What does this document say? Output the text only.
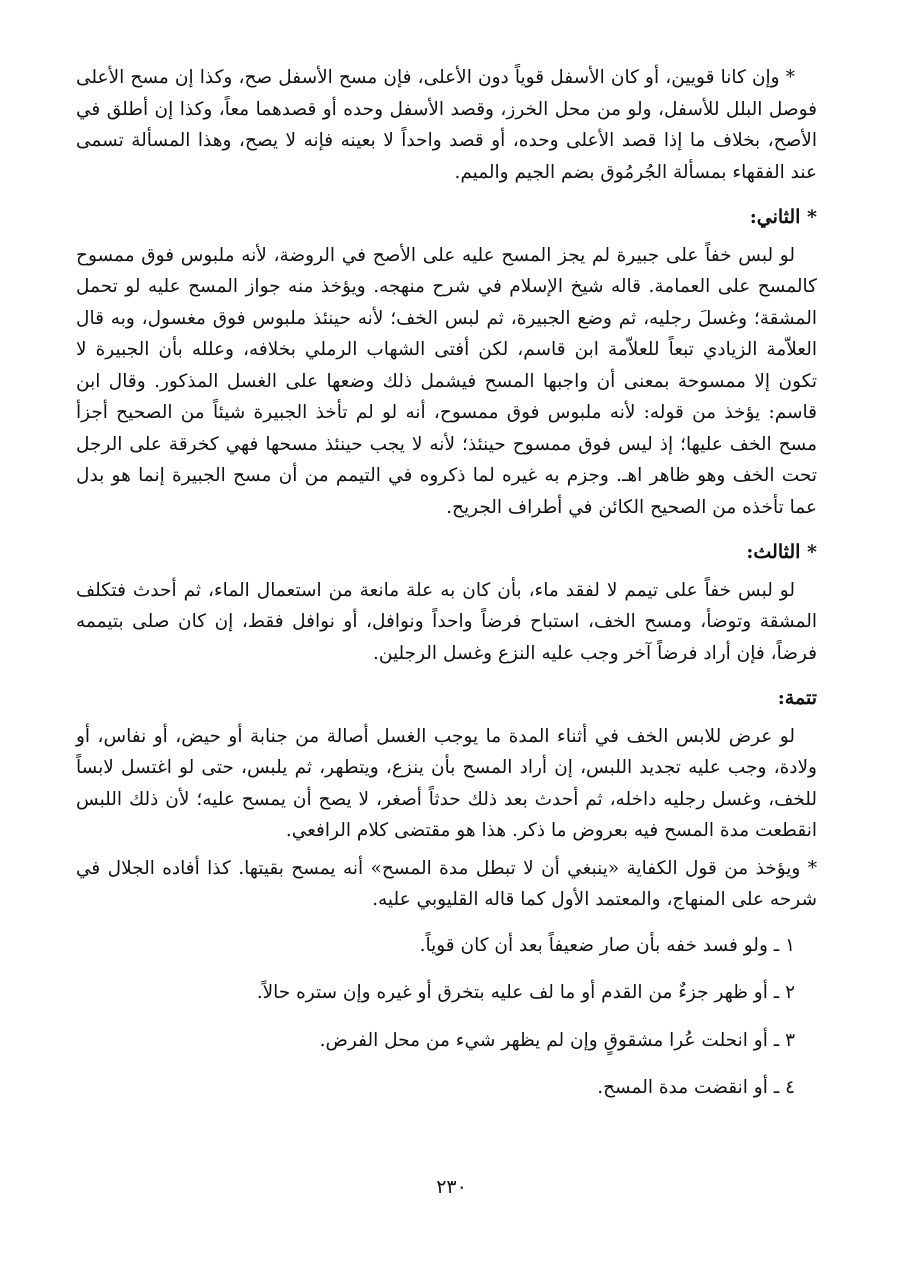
* وإن كانا قويين، أو كان الأسفل قوياً دون الأعلى، فإن مسح الأسفل صح، وكذا إن مسح الأعلى فوصل البلل للأسفل، ولو من محل الخرز، وقصد الأسفل وحده أو قصدهما معاً، وكذا إن أطلق في الأصح، بخلاف ما إذا قصد الأعلى وحده، أو قصد واحداً لا بعينه فإنه لا يصح، وهذا المسألة تسمى عند الفقهاء بمسألة الجُرمُوق بضم الجيم والميم.

* الثاني:

لو لبس خفاً على جبيرة لم يجز المسح عليه على الأصح في الروضة، لأنه ملبوس فوق ممسوح كالمسح على العمامة. قاله شيخ الإسلام في شرح منهجه. ويؤخذ منه جواز المسح عليه لو تحمل المشقة؛ وغسلَ رجليه، ثم وضع الجبيرة، ثم لبس الخف؛ لأنه حينئذ ملبوس فوق مغسول، وبه قال العلاّمة الزيادي تبعاً للعلاّمة ابن قاسم، لكن أفتى الشهاب الرملي بخلافه، وعلله بأن الجبيرة لا تكون إلا ممسوحة بمعنى أن واجبها المسح فيشمل ذلك وضعها على الغسل المذكور. وقال ابن قاسم: يؤخذ من قوله: لأنه ملبوس فوق ممسوح، أنه لو لم تأخذ الجبيرة شيئاً من الصحيح أجزأ مسح الخف عليها؛ إذ ليس فوق ممسوح حينئذ؛ لأنه لا يجب حينئذ مسحها فهي كخرقة على الرجل تحت الخف وهو ظاهر اهـ. وجزم به غيره لما ذكروه في التيمم من أن مسح الجبيرة إنما هو بدل عما تأخذه من الصحيح الكائن في أطراف الجريح.

* الثالث:

لو لبس خفاً على تيمم لا لفقد ماء، بأن كان به علة مانعة من استعمال الماء، ثم أحدث فتكلف المشقة وتوضأ، ومسح الخف، استباح فرضاً واحداً ونوافل، أو نوافل فقط، إن كان صلى بتيممه فرضاً، فإن أراد فرضاً آخر وجب عليه النزع وغسل الرجلين.

تتمة:

لو عرض للابس الخف في أثناء المدة ما يوجب الغسل أصالة من جنابة أو حيض، أو نفاس، أو ولادة، وجب عليه تجديد اللبس، إن أراد المسح بأن ينزع، ويتطهر، ثم يلبس، حتى لو اغتسل لابساً للخف، وغسل رجليه داخله، ثم أحدث بعد ذلك حدثاً أصغر، لا يصح أن يمسح عليه؛ لأن ذلك اللبس انقطعت مدة المسح فيه بعروض ما ذكر. هذا هو مقتضى كلام الرافعي.

* ويؤخذ من قول الكفاية «ينبغي أن لا تبطل مدة المسح» أنه يمسح بقيتها. كذا أفاده الجلال في شرحه على المنهاج، والمعتمد الأول كما قاله القليوبي عليه.

١ ـ ولو فسد خفه بأن صار ضعيفاً بعد أن كان قوياً.
٢ ـ أو ظهر جزءٌ من القدم أو ما لف عليه بتخرق أو غيره وإن ستره حالاً.
٣ ـ أو انحلت عُرا مشقوقٍ وإن لم يظهر شيء من محل الفرض.
٤ ـ أو انقضت مدة المسح.
٢٣٠
